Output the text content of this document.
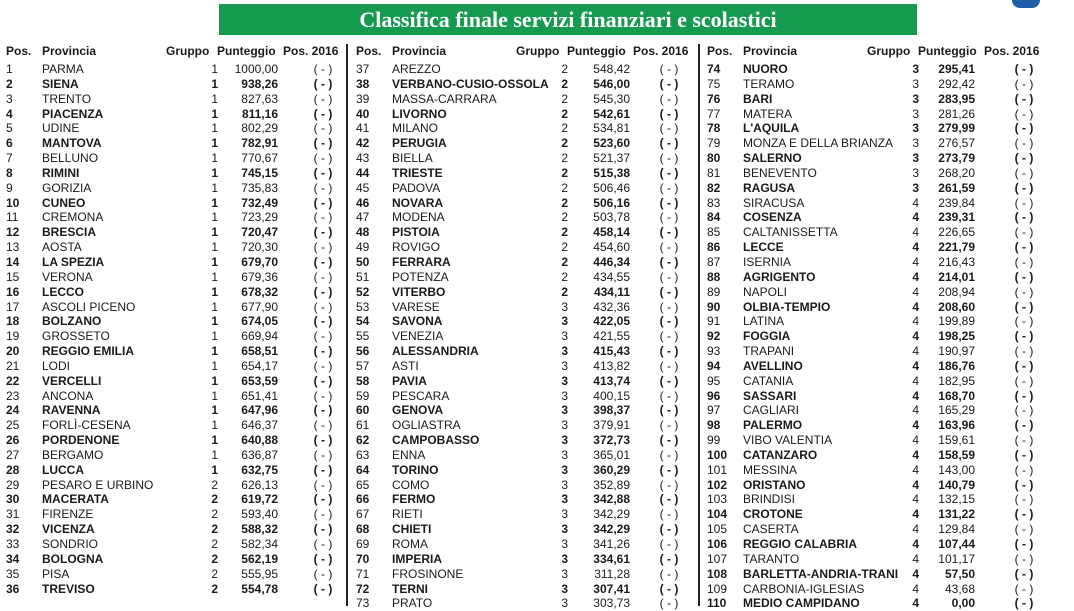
Classifica finale servizi finanziari e scolastici
Pos. Provincia	Gruppo Punteggio Pos. 2016
1 PARMA	1	1000,00	( - )
2 SIENA	1	938,26	( - )
3 TRENTO	1	827,63	( - )
4 PIACENZA	1	811,16	( - )
5 UDINE	1	802,29	( - )
6 MANTOVA	1	782,91	( - )
7 BELLUNO	1	770,67	( - )
8 RIMINI	1	745,15	( - )
9 GORIZIA	1	735,83	( - )
10 CUNEO	1	732,49	( - )
11 CREMONA	1	723,29	( - )
12 BRESCIA	1	720,47	( - )
13 AOSTA	1	720,30	( - )
14 LA SPEZIA	1	679,70	( - )
15 VERONA	1	679,36	( - )
16 LECCO	1	678,32	( - )
17 ASCOLI PICENO	1	677,90	( - )
18 BOLZANO	1	674,05	( - )
19 GROSSETO	1	669,94	( - )
20 REGGIO EMILIA	1	658,51	( - )
21 LODI	1	654,17	( - )
22 VERCELLI	1	653,59	( - )
23 ANCONA	1	651,41	( - )
24 RAVENNA	1	647,96	( - )
25 FORLÌ-CESENA	1	646,37	( - )
26 PORDENONE	1	640,88	( - )
27 BERGAMO	1	636,87	( - )
28 LUCCA	1	632,75	( - )
29 PESARO E URBINO	2	626,13	( - )
30 MACERATA	2	619,72	( - )
31 FIRENZE	2	593,40	( - )
32 VICENZA	2	588,32	( - )
33 SONDRIO	2	582,34	( - )
34 BOLOGNA	2	562,19	( - )
35 PISA	2	555,95	( - )
36 TREVISO	2	554,78	( - )
Pos. Provincia	Gruppo Punteggio Pos. 2016
37 AREZZO	2	548,42	( - )
38 VERBANO-CUSIO-OSSOLA	2	546,00	( - )
39 MASSA-CARRARA	2	545,30	( - )
40 LIVORNO	2	542,61	( - )
41 MILANO	2	534,81	( - )
42 PERUGIA	2	523,60	( - )
43 BIELLA	2	521,37	( - )
44 TRIESTE	2	515,38	( - )
45 PADOVA	2	506,46	( - )
46 NOVARA	2	506,16	( - )
47 MODENA	2	503,78	( - )
48 PISTOIA	2	458,14	( - )
49 ROVIGO	2	454,60	( - )
50 FERRARA	2	446,34	( - )
51 POTENZA	2	434,55	( - )
52 VITERBO	2	434,11	( - )
53 VARESE	3	432,36	( - )
54 SAVONA	3	422,05	( - )
55 VENEZIA	3	421,55	( - )
56 ALESSANDRIA	3	415,43	( - )
57 ASTI	3	413,82	( - )
58 PAVIA	3	413,74	( - )
59 PESCARA	3	400,15	( - )
60 GENOVA	3	398,37	( - )
61 OGLIASTRA	3	379,91	( - )
62 CAMPOBASSO	3	372,73	( - )
63 ENNA	3	365,01	( - )
64 TORINO	3	360,29	( - )
65 COMO	3	352,89	( - )
66 FERMO	3	342,88	( - )
67 RIETI	3	342,29	( - )
68 CHIETI	3	342,29	( - )
69 ROMA	3	341,26	( - )
70 IMPERIA	3	334,61	( - )
71 FROSINONE	3	311,28	( - )
72 TERNI	3	307,41	( - )
73 PRATO	3	303,73	( - )
Pos. Provincia	Gruppo Punteggio Pos. 2016
74 NUORO	3	295,41	( - )
75 TERAMO	3	292,42	( - )
76 BARI	3	283,95	( - )
77 MATERA	3	281,26	( - )
78 L'AQUILA	3	279,99	( - )
79 MONZA E DELLA BRIANZA	3	276,57	( - )
80 SALERNO	3	273,79	( - )
81 BENEVENTO	3	268,20	( - )
82 RAGUSA	3	261,59	( - )
83 SIRACUSA	4	239,84	( - )
84 COSENZA	4	239,31	( - )
85 CALTANISSETTA	4	226,65	( - )
86 LECCE	4	221,79	( - )
87 ISERNIA	4	216,43	( - )
88 AGRIGENTO	4	214,01	( - )
89 NAPOLI	4	208,94	( - )
90 OLBIA-TEMPIO	4	208,60	( - )
91 LATINA	4	199,89	( - )
92 FOGGIA	4	198,25	( - )
93 TRAPANI	4	190,97	( - )
94 AVELLINO	4	186,76	( - )
95 CATANIA	4	182,95	( - )
96 SASSARI	4	168,70	( - )
97 CAGLIARI	4	165,29	( - )
98 PALERMO	4	163,96	( - )
99 VIBO VALENTIA	4	159,61	( - )
100 CATANZARO	4	158,59	( - )
101 MESSINA	4	143,00	( - )
102 ORISTANO	4	140,79	( - )
103 BRINDISI	4	132,15	( - )
104 CROTONE	4	131,22	( - )
105 CASERTA	4	129,84	( - )
106 REGGIO CALABRIA	4	107,44	( - )
107 TARANTO	4	101,17	( - )
108 BARLETTA-ANDRIA-TRANI	4	57,50	( - )
109 CARBONIA-IGLESIAS	4	43,68	( - )
110 MEDIO CAMPIDANO	4	0,00	( - )
